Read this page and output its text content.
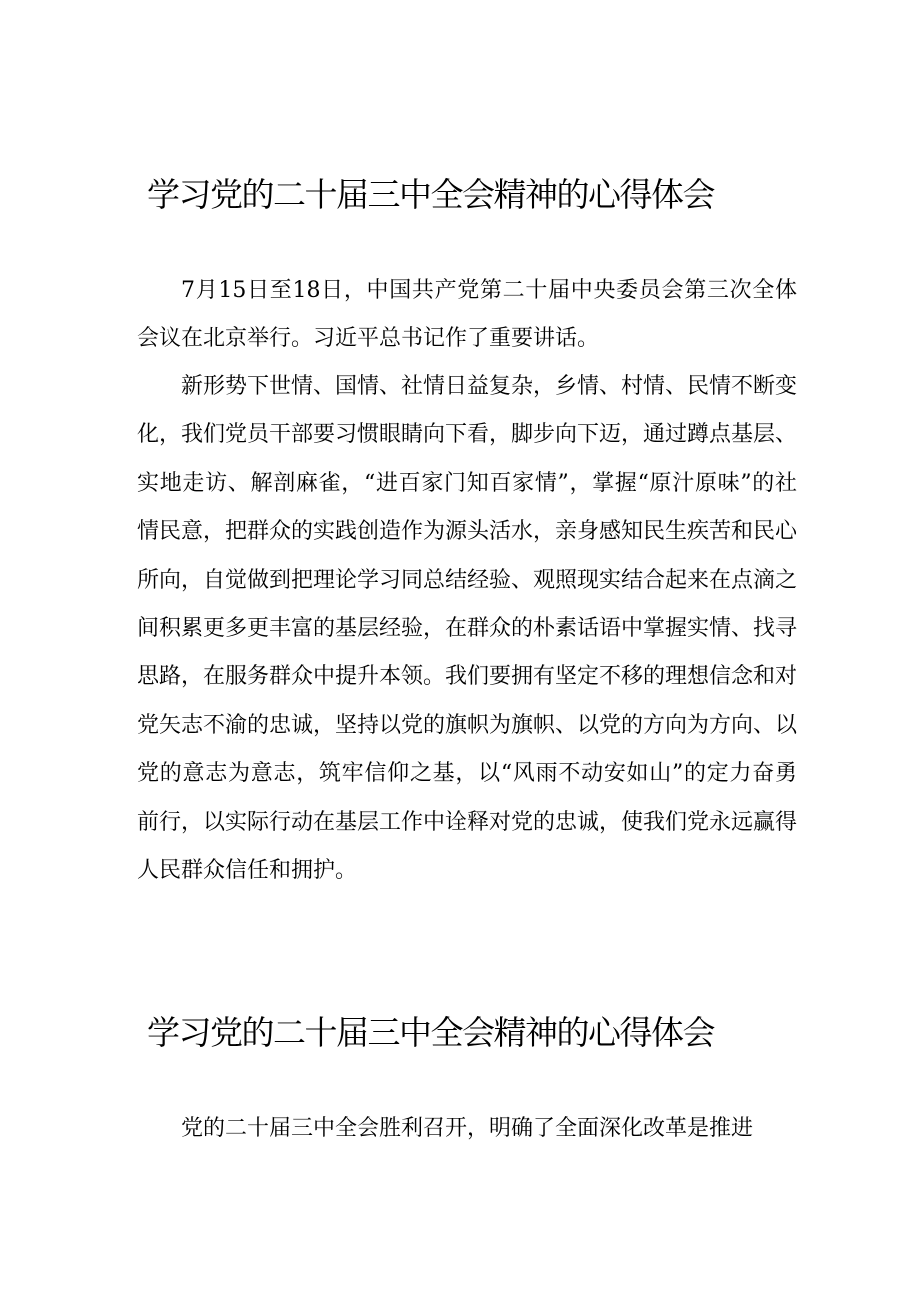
学习党的二十届三中全会精神的心得体会

7月15日至18日，中国共产党第二十届中央委员会第三次全体会议在北京举行。习近平总书记作了重要讲话。

新形势下世情、国情、社情日益复杂，乡情、村情、民情不断变化，我们党员干部要习惯眼睛向下看，脚步向下迈，通过蹲点基层、实地走访、解剖麻雀，“进百家门知百家情”，掌握“原汁原味”的社情民意，把群众的实践创造作为源头活水，亲身感知民生疾苦和民心所向，自觉做到把理论学习同总结经验、观照现实结合起来在点滴之间积累更多更丰富的基层经验，在群众的朴素话语中掌握实情、找寻思路，在服务群众中提升本领。我们要拥有坚定不移的理想信念和对党矢志不渝的忠诚，坚持以党的旗帜为旗帜、以党的方向为方向、以党的意志为意志，筑牢信仰之基，以“风雨不动安如山”的定力奋勇前行，以实际行动在基层工作中诠释对党的忠诚，使我们党永远赢得人民群众信任和拥护。

学习党的二十届三中全会精神的心得体会

党的二十届三中全会胜利召开，明确了全面深化改革是推进
